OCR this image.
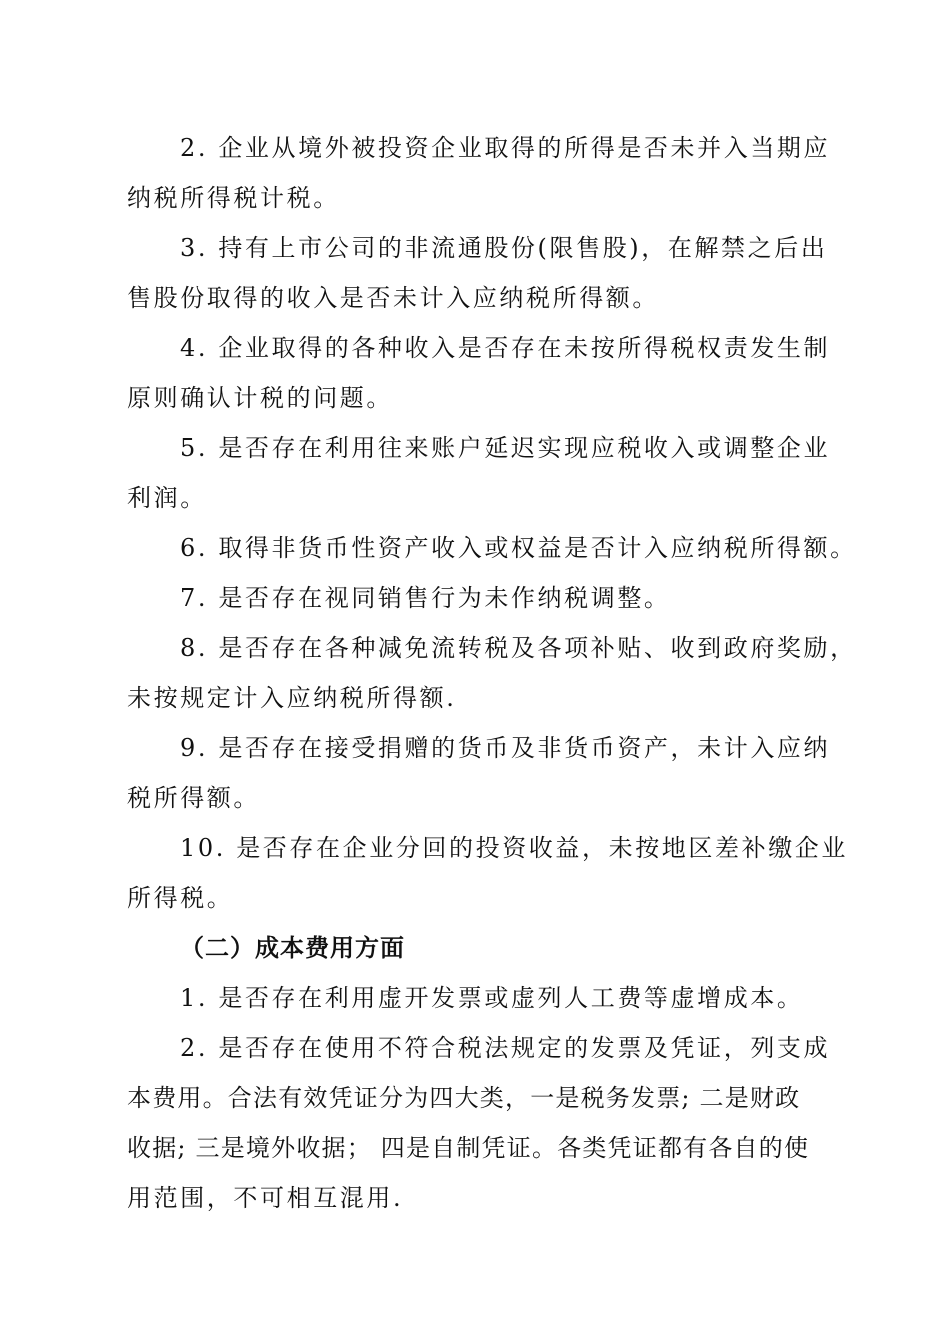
2. 企业从境外被投资企业取得的所得是否未并入当期应
纳税所得税计税。
3. 持有上市公司的非流通股份(限售股)，在解禁之后出
售股份取得的收入是否未计入应纳税所得额。
4. 企业取得的各种收入是否存在未按所得税权责发生制
原则确认计税的问题。
5. 是否存在利用往来账户延迟实现应税收入或调整企业
利润。
6. 取得非货币性资产收入或权益是否计入应纳税所得额。
7. 是否存在视同销售行为未作纳税调整。
8. 是否存在各种减免流转税及各项补贴、收到政府奖励，
未按规定计入应纳税所得额.
9. 是否存在接受捐赠的货币及非货币资产，未计入应纳
税所得额。
10. 是否存在企业分回的投资收益，未按地区差补缴企业
所得税。
（二）成本费用方面
1. 是否存在利用虚开发票或虚列人工费等虚增成本。
2. 是否存在使用不符合税法规定的发票及凭证，列支成
本费用。合法有效凭证分为四大类，一是税务发票; 二是财政
收据; 三是境外收据； 四是自制凭证。各类凭证都有各自的使
用范围，不可相互混用.
